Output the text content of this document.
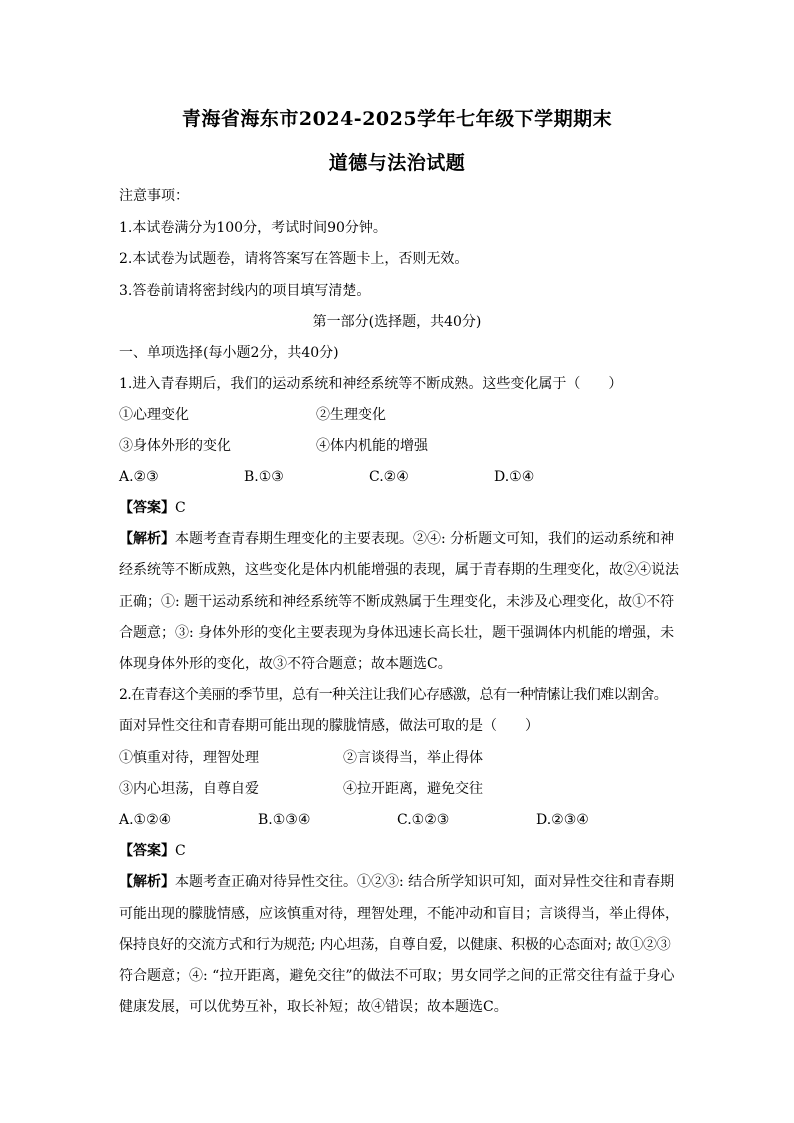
青海省海东市2024-2025学年七年级下学期期末
道德与法治试题
注意事项：
1.本试卷满分为100分，考试时间90分钟。
2.本试卷为试题卷，请将答案写在答题卡上，否则无效。
3.答卷前请将密封线内的项目填写清楚。
第一部分(选择题，共40分)
一、单项选择(每小题2分，共40分)
1.进入青春期后，我们的运动系统和神经系统等不断成熟。这些变化属于（　　）
①心理变化	②生理变化
③身体外形的变化	④体内机能的增强
A.②③	B.①③	C.②④	D.①④
【答案】C
【解析】本题考查青春期生理变化的主要表现。②④: 分析题文可知，我们的运动系统和神
经系统等不断成熟，这些变化是体内机能增强的表现，属于青春期的生理变化，故②④说法
正确；①: 题干运动系统和神经系统等不断成熟属于生理变化，未涉及心理变化，故①不符
合题意；③: 身体外形的变化主要表现为身体迅速长高长壮，题干强调体内机能的增强，未
体现身体外形的变化，故③不符合题意；故本题选C。
2.在青春这个美丽的季节里，总有一种关注让我们心存感激，总有一种情愫让我们难以割舍。
面对异性交往和青春期可能出现的朦胧情感，做法可取的是（　　）
①慎重对待，理智处理	②言谈得当，举止得体
③内心坦荡，自尊自爱	④拉开距离，避免交往
A.①②④	B.①③④	C.①②③	D.②③④
【答案】C
【解析】本题考查正确对待异性交往。①②③: 结合所学知识可知，面对异性交往和青春期
可能出现的朦胧情感，应该慎重对待，理智处理，不能冲动和盲目；言谈得当，举止得体，
保持良好的交流方式和行为规范; 内心坦荡，自尊自爱，以健康、积极的心态面对; 故①②③
符合题意；④: “拉开距离，避免交往”的做法不可取；男女同学之间的正常交往有益于身心
健康发展，可以优势互补，取长补短；故④错误；故本题选C。
